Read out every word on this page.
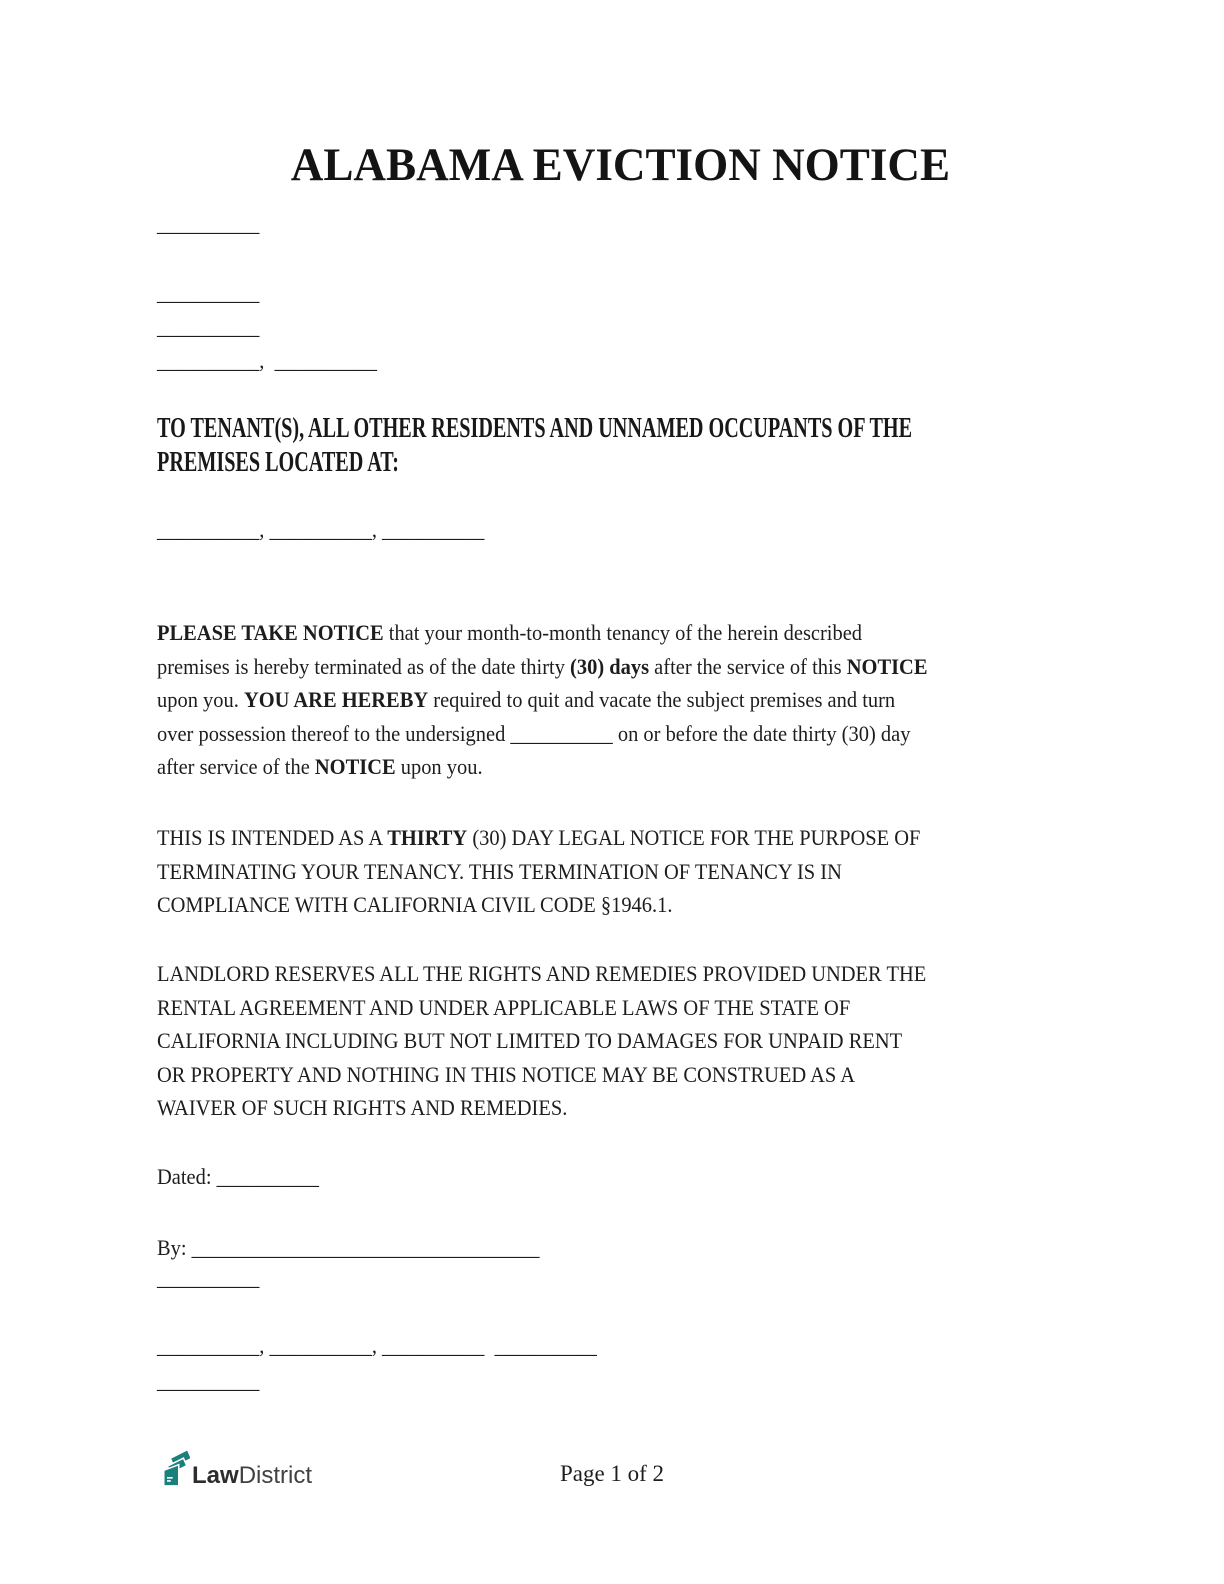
ALABAMA EVICTION NOTICE

__________
__________
__________
__________,  __________
TO TENANT(S), ALL OTHER RESIDENTS AND UNNAMED OCCUPANTS OF THE
PREMISES LOCATED AT:
__________, __________, __________
PLEASE TAKE NOTICE that your month-to-month tenancy of the herein described
premises is hereby terminated as of the date thirty (30) days after the service of this NOTICE
upon you. YOU ARE HEREBY required to quit and vacate the subject premises and turn
over possession thereof to the undersigned __________ on or before the date thirty (30) day
after service of the NOTICE upon you.
THIS IS INTENDED AS A THIRTY (30) DAY LEGAL NOTICE FOR THE PURPOSE OF
TERMINATING YOUR TENANCY. THIS TERMINATION OF TENANCY IS IN
COMPLIANCE WITH CALIFORNIA CIVIL CODE §1946.1.
LANDLORD RESERVES ALL THE RIGHTS AND REMEDIES PROVIDED UNDER THE
RENTAL AGREEMENT AND UNDER APPLICABLE LAWS OF THE STATE OF
CALIFORNIA INCLUDING BUT NOT LIMITED TO DAMAGES FOR UNPAID RENT
OR PROPERTY AND NOTHING IN THIS NOTICE MAY BE CONSTRUED AS A
WAIVER OF SUCH RIGHTS AND REMEDIES.
Dated: __________
By: __________________________________
__________
__________, __________, __________  __________
__________
LawDistrict	Page 1 of 2
